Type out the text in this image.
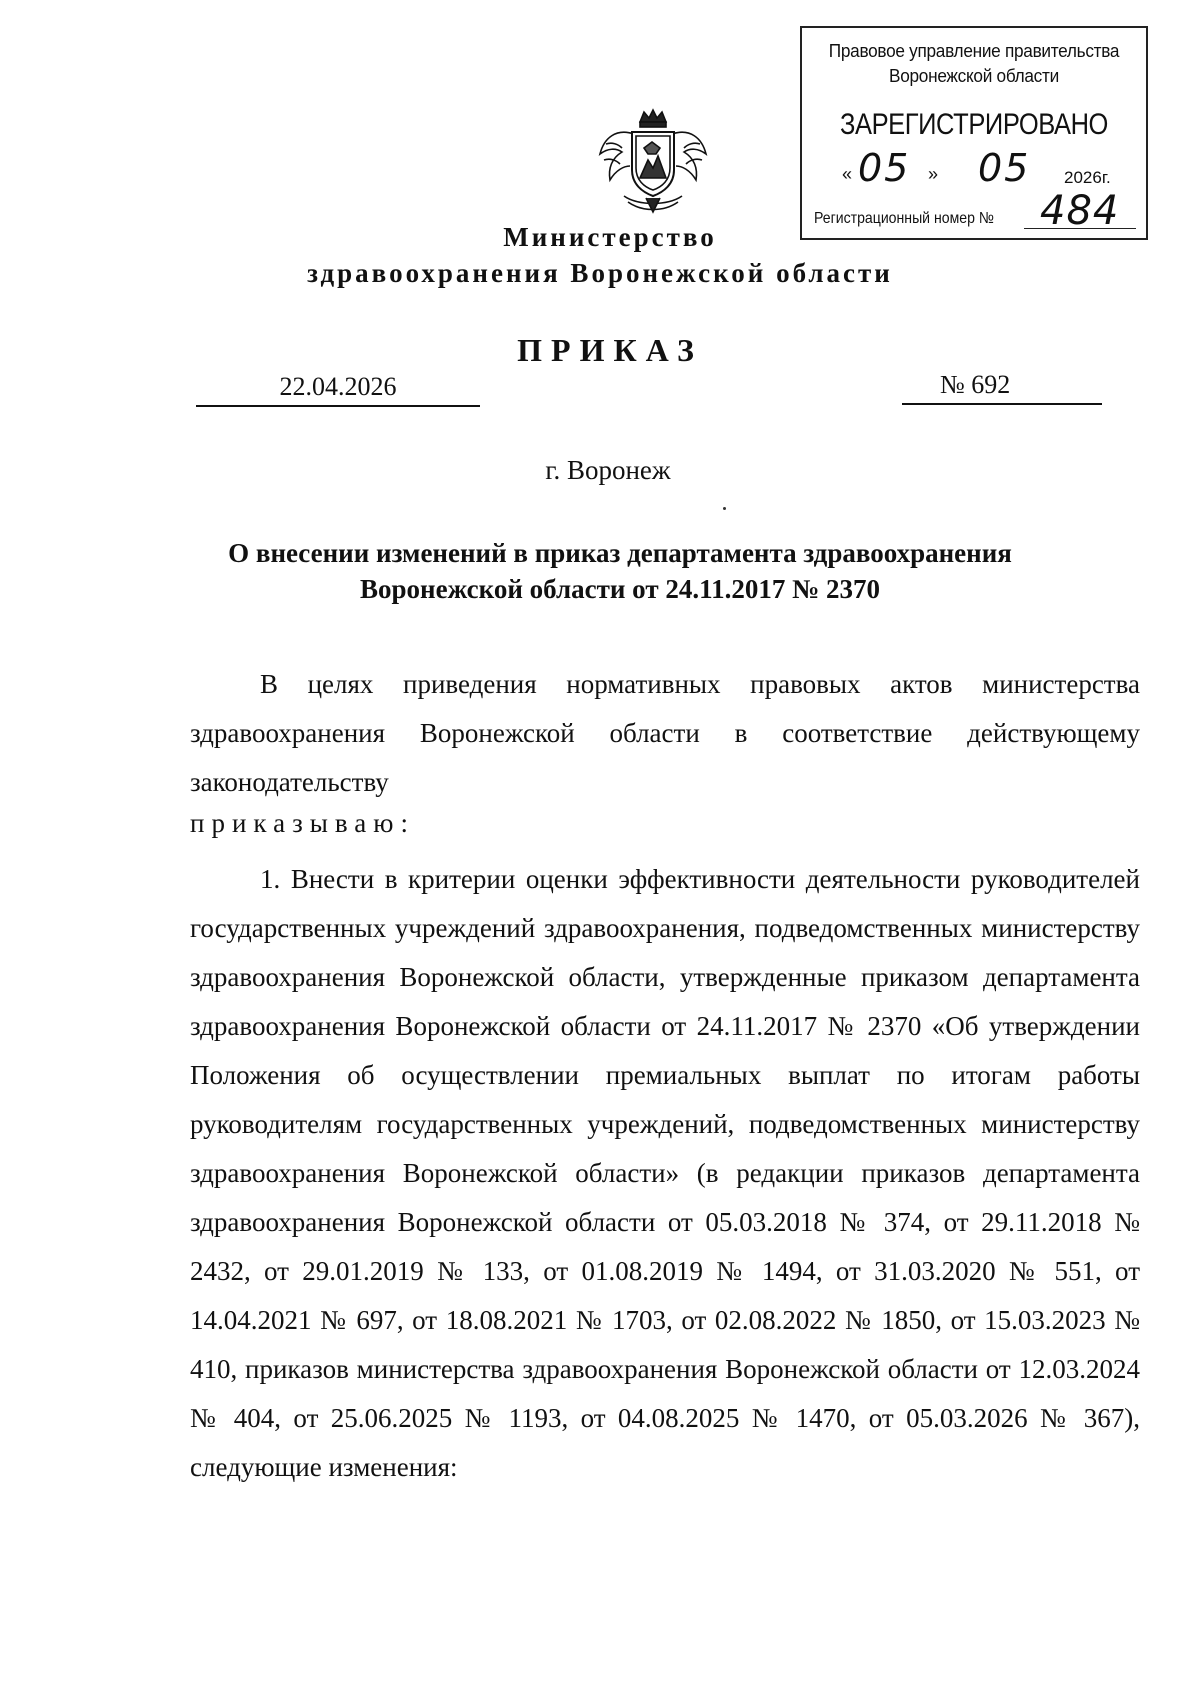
Правовое управление правительства
Воронежской области
ЗАРЕГИСТРИРОВАНО
« 05 » 05 2026г.
Регистрационный номер № 484
Министерство
здравоохранения Воронежской области
ПРИКАЗ
22.04.2026	№ 692
г. Воронеж
О внесении изменений в приказ департамента здравоохранения
Воронежской области от 24.11.2017 № 2370
В целях приведения нормативных правовых актов министерства здравоохранения Воронежской области в соответствие действующему законодательству
приказываю:
1. Внести в критерии оценки эффективности деятельности руководителей государственных учреждений здравоохранения, подведомственных министерству здравоохранения Воронежской области, утвержденные приказом департамента здравоохранения Воронежской области от 24.11.2017 № 2370 «Об утверждении Положения об осуществлении премиальных выплат по итогам работы руководителям государственных учреждений, подведомственных министерству здравоохранения Воронежской области» (в редакции приказов департамента здравоохранения Воронежской области от 05.03.2018 № 374, от 29.11.2018 № 2432, от 29.01.2019 № 133, от 01.08.2019 № 1494, от 31.03.2020 № 551, от 14.04.2021 № 697, от 18.08.2021 № 1703, от 02.08.2022 № 1850, от 15.03.2023 № 410, приказов министерства здравоохранения Воронежской области от 12.03.2024 № 404, от 25.06.2025 № 1193, от 04.08.2025 № 1470, от 05.03.2026 № 367), следующие изменения:
